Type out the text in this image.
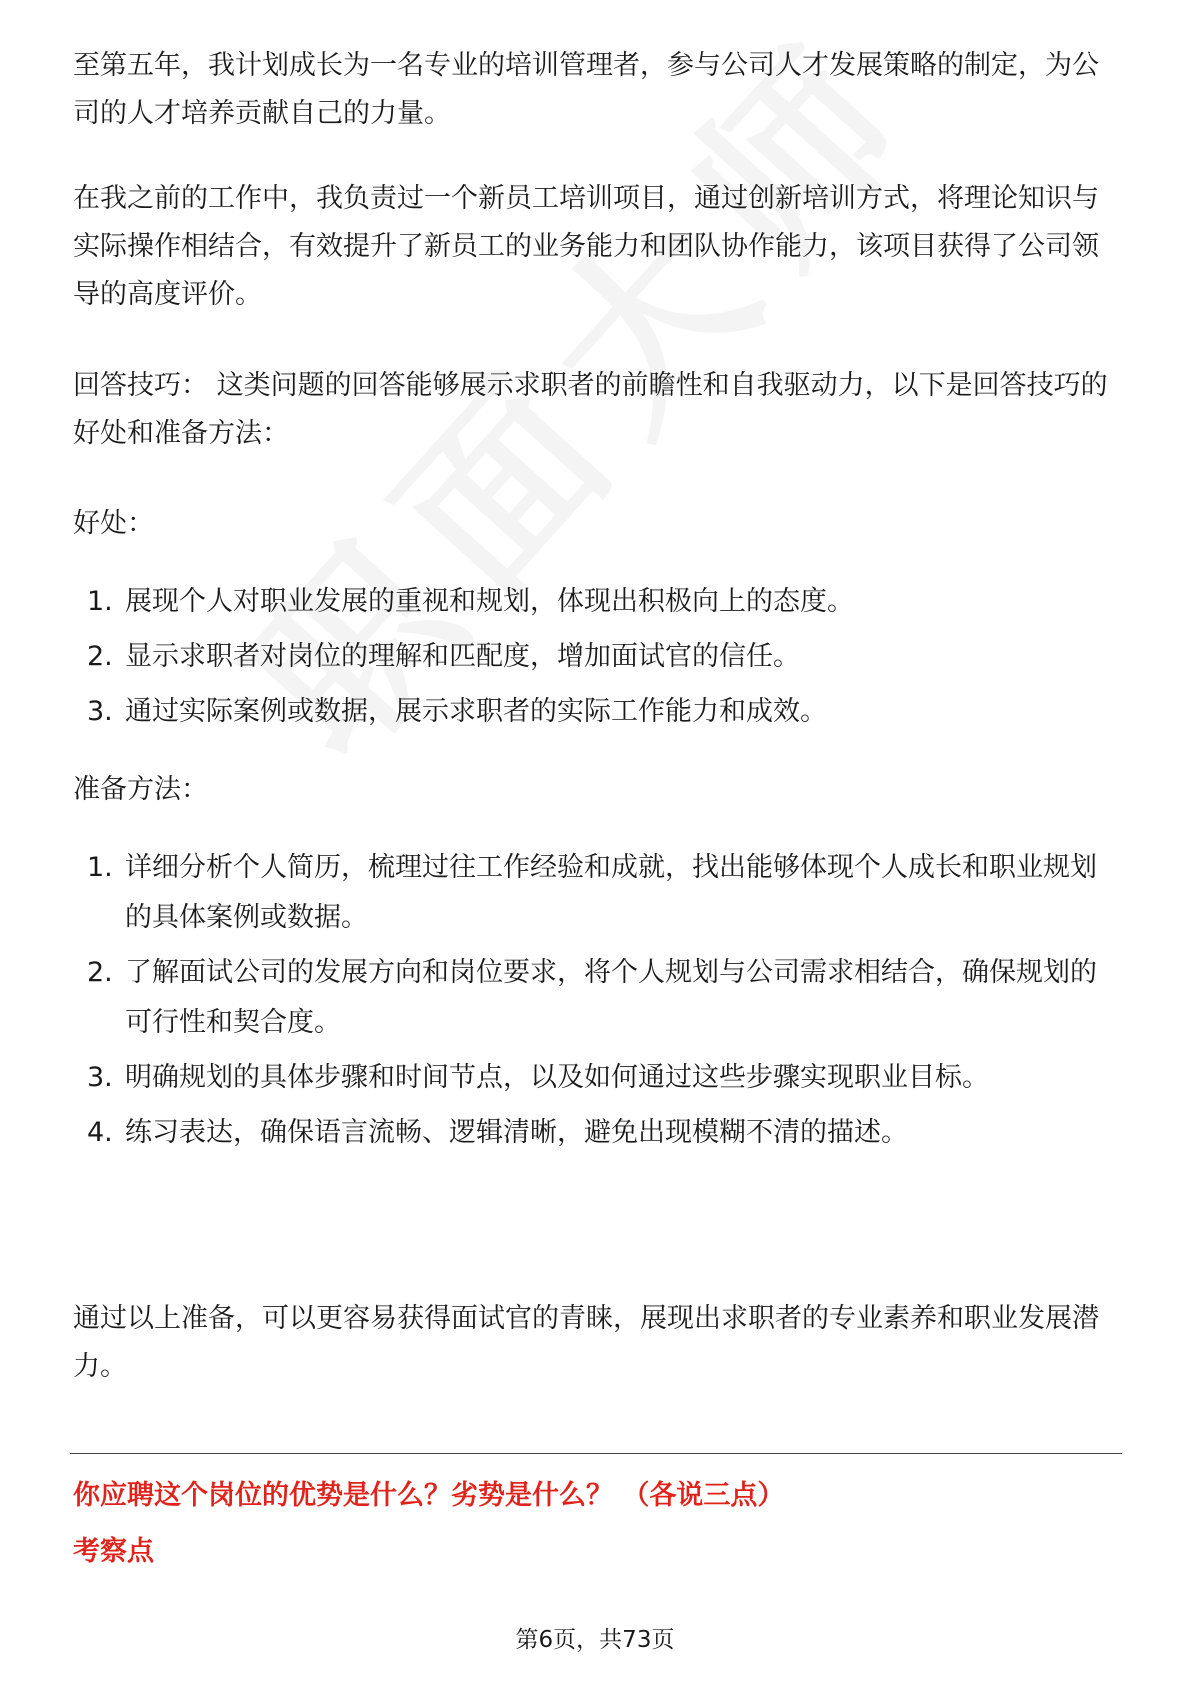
至第五年，我计划成长为一名专业的培训管理者，参与公司人才发展策略的制定，为公司的人才培养贡献自己的力量。

在我之前的工作中，我负责过一个新员工培训项目，通过创新培训方式，将理论知识与实际操作相结合，有效提升了新员工的业务能力和团队协作能力，该项目获得了公司领导的高度评价。

回答技巧： 这类问题的回答能够展示求职者的前瞻性和自我驱动力，以下是回答技巧的好处和准备方法：

好处：

1. 展现个人对职业发展的重视和规划，体现出积极向上的态度。
2. 显示求职者对岗位的理解和匹配度，增加面试官的信任。
3. 通过实际案例或数据，展示求职者的实际工作能力和成效。

准备方法：

1. 详细分析个人简历，梳理过往工作经验和成就，找出能够体现个人成长和职业规划的具体案例或数据。
2. 了解面试公司的发展方向和岗位要求，将个人规划与公司需求相结合，确保规划的可行性和契合度。
3. 明确规划的具体步骤和时间节点，以及如何通过这些步骤实现职业目标。
4. 练习表达，确保语言流畅、逻辑清晰，避免出现模糊不清的描述。

通过以上准备，可以更容易获得面试官的青睐，展现出求职者的专业素养和职业发展潜力。

你应聘这个岗位的优势是什么？劣势是什么？ （各说三点）
考察点
第6页，共73页
